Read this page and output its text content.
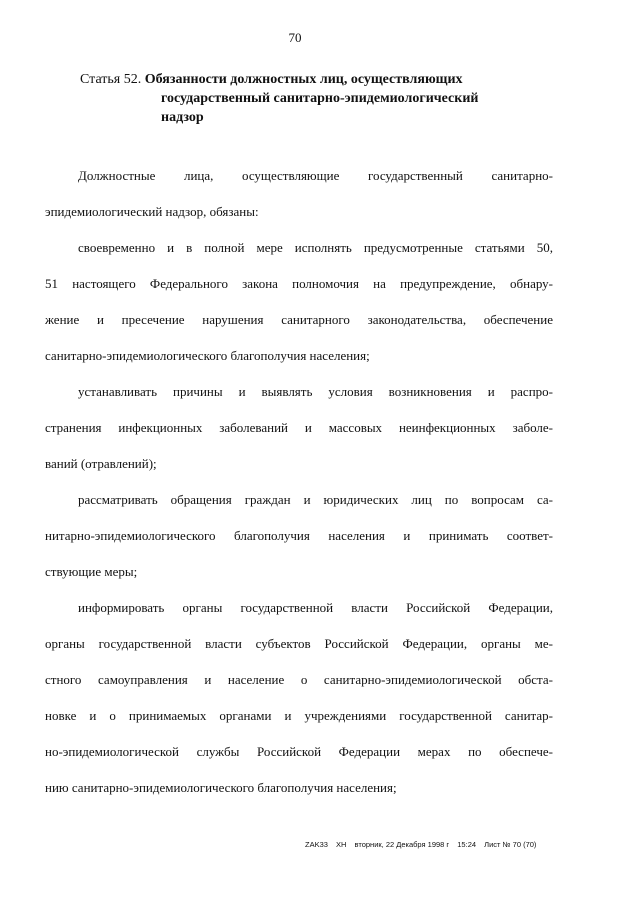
70
Статья 52. Обязанности должностных лиц, осуществляющих
государственный санитарно-эпидемиологический
надзор

Должностные лица, осуществляющие государственный санитарно-
эпидемиологический надзор, обязаны:

своевременно и в полной мере исполнять предусмотренные статьями 50,
51 настоящего Федерального закона полномочия на предупреждение, обнару-
жение и пресечение нарушения санитарного законодательства, обеспечение
санитарно-эпидемиологического благополучия населения;

устанавливать причины и выявлять условия возникновения и распро-
странения инфекционных заболеваний и массовых неинфекционных заболе-
ваний (отравлений);

рассматривать обращения граждан и юридических лиц по вопросам са-
нитарно-эпидемиологического благополучия населения и принимать соответ-
ствующие меры;

информировать органы государственной власти Российской Федерации,
органы государственной власти субъектов Российской Федерации, органы ме-
стного самоуправления и население о санитарно-эпидемиологической обста-
новке и о принимаемых органами и учреждениями государственной санитар-
но-эпидемиологической службы Российской Федерации мерах по обеспече-
нию санитарно-эпидемиологического благополучия населения;

ZAK33 XH вторник, 22 Декабря 1998 г 15:24 Лист № 70 (70)
